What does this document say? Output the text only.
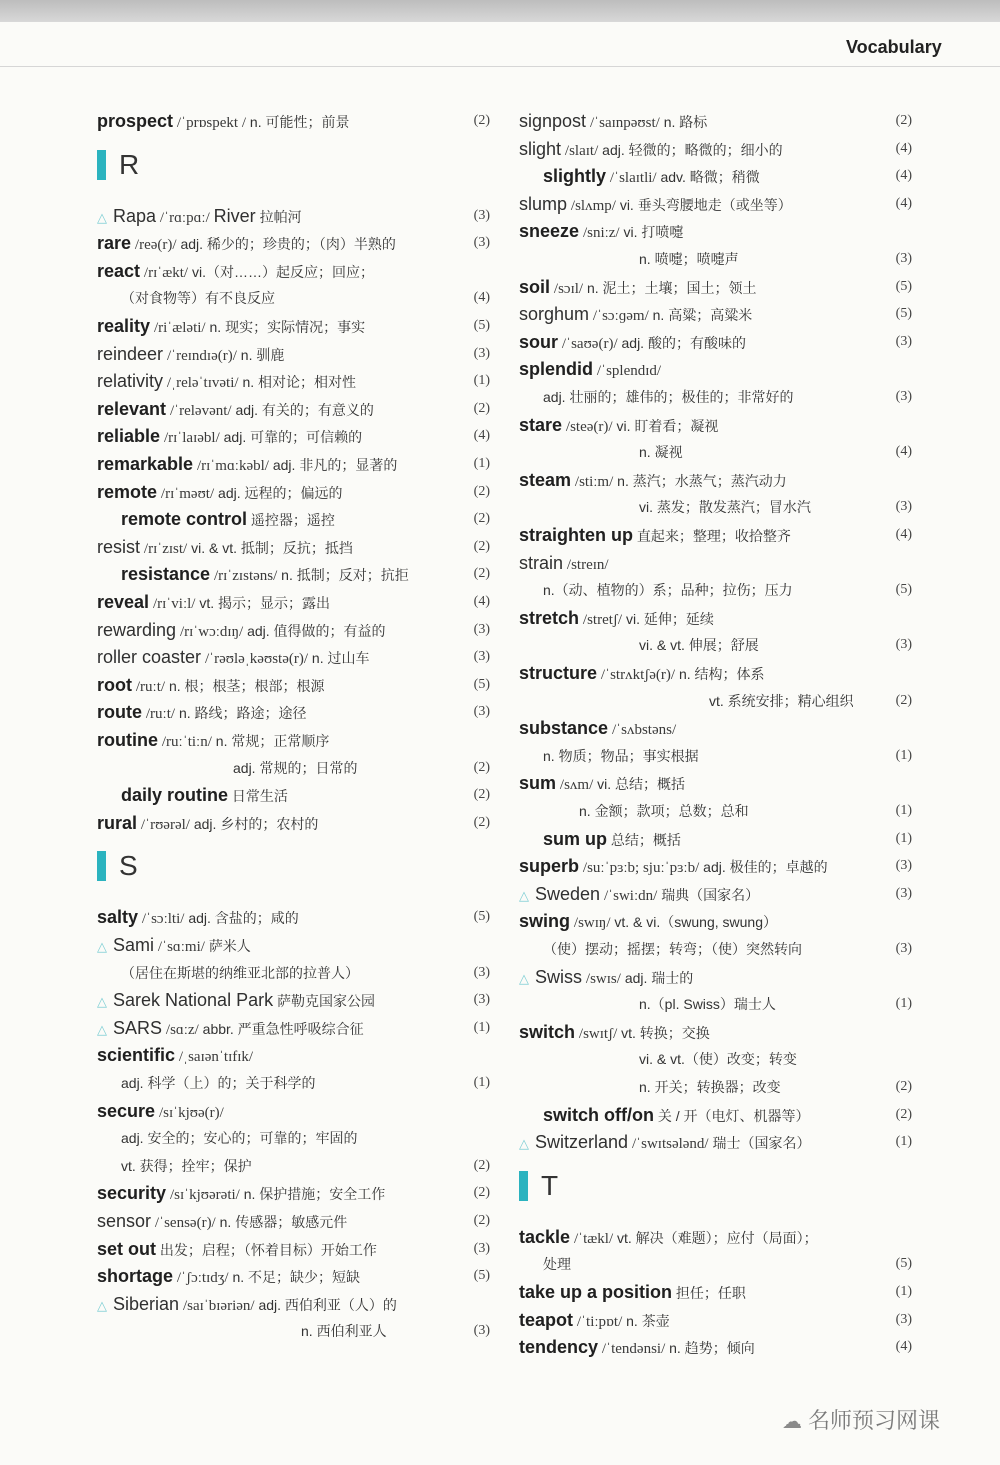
Vocabulary
prospect /ˈprɒspekt / n. 可能性；前景	(2)
R
△ Rapa /ˈrɑːpɑː/ River 拉帕河	(3)
rare /reə(r)/ adj. 稀少的；珍贵的；（肉）半熟的	(3)
react /rɪˈækt/ vi.（对……）起反应；回应；
（对食物等）有不良反应	(4)
reality /riˈæləti/ n. 现实；实际情况；事实	(5)
reindeer /ˈreɪndɪə(r)/ n. 驯鹿	(3)
relativity /ˌreləˈtɪvəti/ n. 相对论；相对性	(1)
relevant /ˈreləvənt/ adj. 有关的；有意义的	(2)
reliable /rɪˈlaɪəbl/ adj. 可靠的；可信赖的	(4)
remarkable /rɪˈmɑːkəbl/ adj. 非凡的；显著的	(1)
remote /rɪˈməʊt/ adj. 远程的；偏远的	(2)
remote control 遥控器；遥控	(2)
resist /rɪˈzɪst/ vi. & vt. 抵制；反抗；抵挡	(2)
resistance /rɪˈzɪstəns/ n. 抵制；反对；抗拒	(2)
reveal /rɪˈviːl/ vt. 揭示；显示；露出	(4)
rewarding /rɪˈwɔːdɪŋ/ adj. 值得做的；有益的	(3)
roller coaster /ˈrəʊləˌkəʊstə(r)/ n. 过山车	(3)
root /ruːt/ n. 根；根茎；根部；根源	(5)
route /ruːt/ n. 路线；路途；途径	(3)
routine /ruːˈtiːn/ n. 常规；正常顺序
adj. 常规的；日常的	(2)
daily routine 日常生活	(2)
rural /ˈrʊərəl/ adj. 乡村的；农村的	(2)
S
salty /ˈsɔːlti/ adj. 含盐的；咸的	(5)
△ Sami /ˈsɑːmi/ 萨米人
（居住在斯堪的纳维亚北部的拉普人）	(3)
△ Sarek National Park 萨勒克国家公园	(3)
△ SARS /sɑːz/ abbr. 严重急性呼吸综合征	(1)
scientific /ˌsaɪənˈtɪfɪk/
adj. 科学（上）的；关于科学的	(1)
secure /sɪˈkjʊə(r)/
adj. 安全的；安心的；可靠的；牢固的
vt. 获得；拴牢；保护	(2)
security /sɪˈkjʊərəti/ n. 保护措施；安全工作	(2)
sensor /ˈsensə(r)/ n. 传感器；敏感元件	(2)
set out 出发；启程；（怀着目标）开始工作	(3)
shortage /ˈʃɔːtɪdʒ/ n. 不足；缺少；短缺	(5)
△ Siberian /saɪˈbɪəriən/ adj. 西伯利亚（人）的
n. 西伯利亚人	(3)
signpost /ˈsaɪnpəʊst/ n. 路标	(2)
slight /slaɪt/ adj. 轻微的；略微的；细小的	(4)
slightly /ˈslaɪtli/ adv. 略微；稍微	(4)
slump /slʌmp/ vi. 垂头弯腰地走（或坐等）	(4)
sneeze /sniːz/ vi. 打喷嚏
n. 喷嚏；喷嚏声	(3)
soil /sɔɪl/ n. 泥土；土壤；国土；领土	(5)
sorghum /ˈsɔːɡəm/ n. 高粱；高粱米	(5)
sour /ˈsaʊə(r)/ adj. 酸的；有酸味的	(3)
splendid /ˈsplendɪd/
adj. 壮丽的；雄伟的；极佳的；非常好的	(3)
stare /steə(r)/ vi. 盯着看；凝视
n. 凝视	(4)
steam /stiːm/ n. 蒸汽；水蒸气；蒸汽动力
vi. 蒸发；散发蒸汽；冒水汽	(3)
straighten up 直起来；整理；收拾整齐	(4)
strain /streɪn/
n.（动、植物的）系；品种；拉伤；压力	(5)
stretch /stretʃ/ vi. 延伸；延续
vi. & vt. 伸展；舒展	(3)
structure /ˈstrʌktʃə(r)/ n. 结构；体系
vt. 系统安排；精心组织	(2)
substance /ˈsʌbstəns/
n. 物质；物品；事实根据	(1)
sum /sʌm/ vi. 总结；概括
n. 金额；款项；总数；总和	(1)
sum up 总结；概括	(1)
superb /suːˈpɜːb; sjuːˈpɜːb/ adj. 极佳的；卓越的	(3)
△ Sweden /ˈswiːdn/ 瑞典（国家名）	(3)
swing /swɪŋ/ vt. & vi.（swung, swung）
（使）摆动；摇摆；转弯；（使）突然转向	(3)
△ Swiss /swɪs/ adj. 瑞士的
n.（pl. Swiss）瑞士人	(1)
switch /swɪtʃ/ vt. 转换；交换
vi. & vt.（使）改变；转变
n. 开关；转换器；改变	(2)
switch off/on 关 / 开（电灯、机器等）	(2)
△ Switzerland /ˈswɪtsələnd/ 瑞士（国家名）	(1)
T
tackle /ˈtækl/ vt. 解决（难题）；应付（局面）；
处理	(5)
take up a position 担任；任职	(1)
teapot /ˈtiːpɒt/ n. 茶壶	(3)
tendency /ˈtendənsi/ n. 趋势；倾向	(4)
☁ 名师预习网课
